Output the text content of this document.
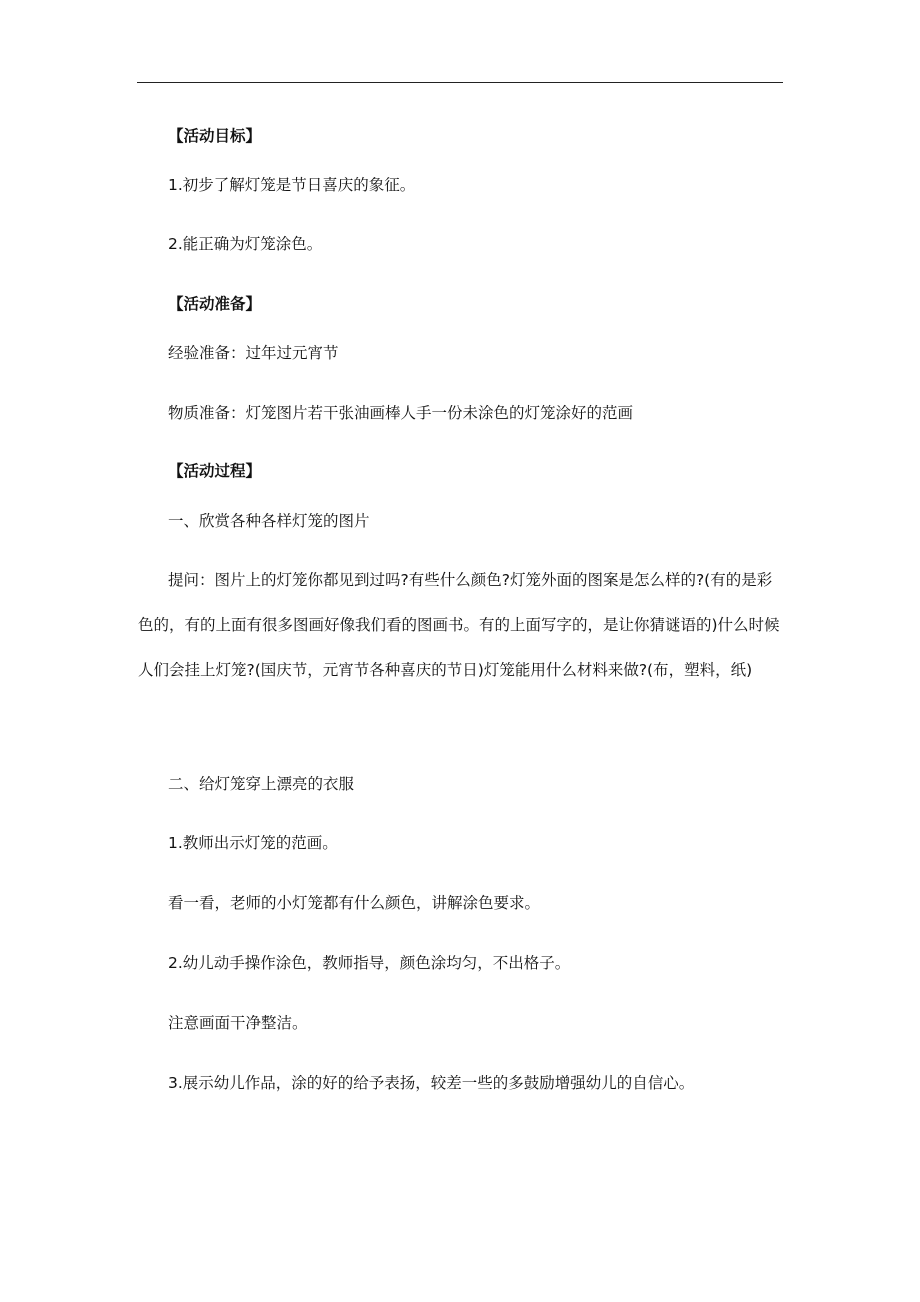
【活动目标】
1.初步了解灯笼是节日喜庆的象征。
2.能正确为灯笼涂色。
【活动准备】
经验准备：过年过元宵节
物质准备：灯笼图片若干张油画棒人手一份未涂色的灯笼涂好的范画
【活动过程】
一、欣赏各种各样灯笼的图片
提问：图片上的灯笼你都见到过吗?有些什么颜色?灯笼外面的图案是怎么样的?(有的是彩色的，有的上面有很多图画好像我们看的图画书。有的上面写字的，是让你猜谜语的)什么时候人们会挂上灯笼?(国庆节，元宵节各种喜庆的节日)灯笼能用什么材料来做?(布，塑料，纸)
二、给灯笼穿上漂亮的衣服
1.教师出示灯笼的范画。
看一看，老师的小灯笼都有什么颜色，讲解涂色要求。
2.幼儿动手操作涂色，教师指导，颜色涂均匀，不出格子。
注意画面干净整洁。
3.展示幼儿作品，涂的好的给予表扬，较差一些的多鼓励增强幼儿的自信心。
